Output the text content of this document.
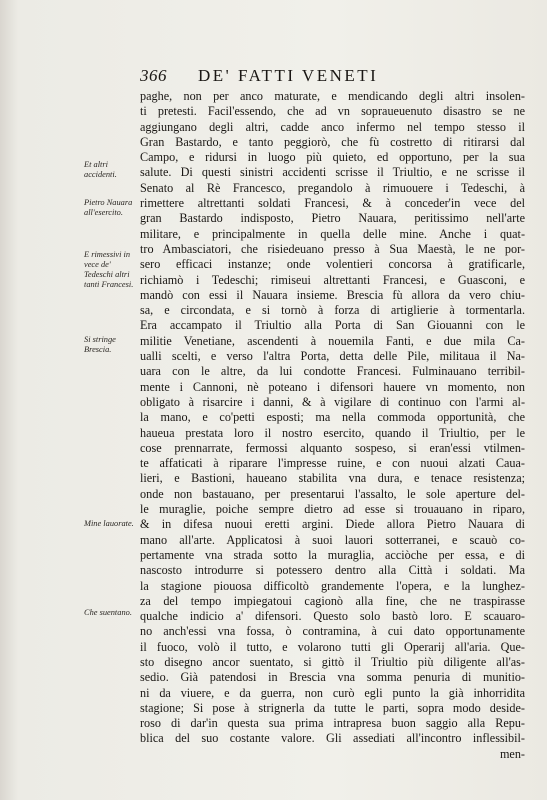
366 DE' FATTI VENETI
Et altri accidenti.
Pietro Nauara all'esercito.
E rimessivi in vece de' Tedeschi altri tanti Francesi.
Si stringe Brescia.
Mine lauorate.
Che suentano.
paghe, non per anco maturate, e mendicando degli altri insolen-
ti pretesti. Facil'essendo, che ad vn sopraueuenuto disastro se ne
aggiungano degli altri, cadde anco infermo nel tempo stesso il
Gran Bastardo, e tanto peggiorò, che fù costretto di ritirarsi dal
Campo, e ridursi in luogo più quieto, ed opportuno, per la sua
salute. Di questi sinistri accidenti scrisse il Triultio, e ne scrisse il
Senato al Rè Francesco, pregandolo à rimuouere i Tedeschi, à
rimettere altrettanti soldati Francesi, & à conceder'in vece del
gran Bastardo indisposto, Pietro Nauara, peritissimo nell'arte
militare, e principalmente in quella delle mine. Anche i quat-
tro Ambasciatori, che risiedeuano presso à Sua Maestà, le ne por-
sero efficaci instanze; onde volentieri concorsa à gratificarle,
richiamò i Tedeschi; rimiseui altrettanti Francesi, e Guasconi, e
mandò con essi il Nauara insieme. Brescia fù allora da vero chiu-
sa, e circondata, e si tornò à forza di artiglierie à tormentarla.
Era accampato il Triultio alla Porta di San Giouanni con le
militie Venetiane, ascendenti à nouemila Fanti, e due mila Ca-
ualli scelti, e verso l'altra Porta, detta delle Pile, militaua il Na-
uara con le altre, da lui condotte Francesi. Fulminauano terribil-
mente i Cannoni, nè poteano i difensori hauere vn momento, non
obligato à risarcire i danni, & à vigilare di continuo con l'armi al-
la mano, e co'petti esposti; ma nella commoda opportunità, che
haueua prestata loro il nostro esercito, quando il Triultio, per le
cose prennarrate, fermossi alquanto sospeso, si eran'essi vtilmen-
te affaticati à riparare l'impresse ruine, e con nuoui alzati Caua-
lieri, e Bastioni, haueano stabilita vna dura, e tenace resistenza;
onde non bastauano, per presentarui l'assalto, le sole aperture del-
le muraglie, poiche sempre dietro ad esse si trouauano in riparo,
& in difesa nuoui eretti argini. Diede allora Pietro Nauara di
mano all'arte. Applicatosi à suoi lauori sotterranei, e scauò co-
pertamente vna strada sotto la muraglia, acciòche per essa, e di
nascosto introdurre si potessero dentro alla Città i soldati. Ma
la stagione piouosa difficoltò grandemente l'opera, e la lunghez-
za del tempo impiegatoui cagionò alla fine, che ne traspirasse
qualche indicio a' difensori. Questo solo bastò loro. E scauaro-
no anch'essi vna fossa, ò contramina, à cui dato opportunamente
il fuoco, volò il tutto, e volarono tutti gli Operarij all'aria. Que-
sto disegno ancor suentato, si gittò il Triultio più diligente all'as-
sedio. Già patendosi in Brescia vna somma penuria di munitio-
ni da viuere, e da guerra, non curò egli punto la già inhorridita
stagione; Si pose à strignerla da tutte le parti, sopra modo deside-
roso di dar'in questa sua prima intrapresa buon saggio alla Repu-
blica del suo costante valore. Gli assediati all'incontro inflessibil-
men-
